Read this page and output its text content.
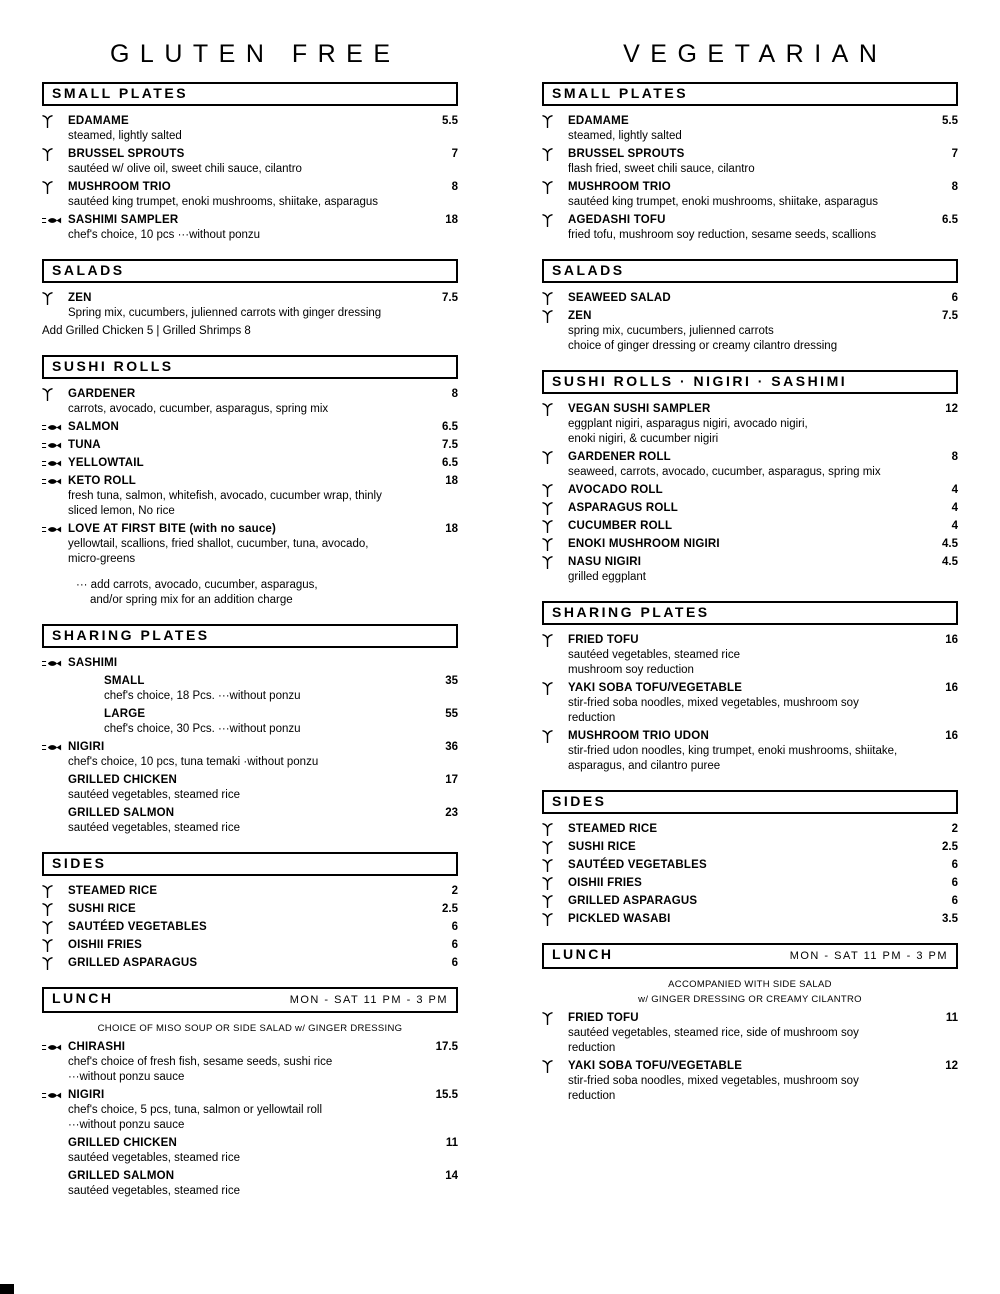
GLUTEN FREE
SMALL PLATES
EDAMAME	5.5
steamed, lightly salted
BRUSSEL SPROUTS	7
sautéed w/ olive oil, sweet chili sauce, cilantro
MUSHROOM TRIO	8
sautéed king trumpet, enoki mushrooms, shiitake, asparagus
SASHIMI SAMPLER	18
chef's choice, 10 pcs ···without ponzu
SALADS
ZEN	7.5
Spring mix, cucumbers, julienned carrots with ginger dressing
Add Grilled Chicken 5 | Grilled Shrimps 8
SUSHI ROLLS
GARDENER	8
carrots, avocado, cucumber, asparagus, spring mix
SALMON	6.5
TUNA	7.5
YELLOWTAIL	6.5
KETO ROLL	18
fresh tuna, salmon, whitefish, avocado, cucumber wrap, thinly
sliced lemon, No rice
LOVE AT FIRST BITE (with no sauce)	18
yellowtail, scallions, fried shallot, cucumber, tuna, avocado,
micro-greens
··· add carrots, avocado, cucumber, asparagus,
and/or spring mix for an addition charge
SHARING PLATES
SASHIMI
SMALL	35
chef's choice, 18 Pcs. ···without ponzu
LARGE	55
chef's choice, 30 Pcs. ···without ponzu
NIGIRI	36
chef's choice, 10 pcs, tuna temaki ·without ponzu
GRILLED CHICKEN	17
sautéed vegetables, steamed rice
GRILLED SALMON	23
sautéed vegetables, steamed rice
SIDES
STEAMED RICE	2
SUSHI RICE	2.5
SAUTÉED VEGETABLES	6
OISHII FRIES	6
GRILLED ASPARAGUS	6
LUNCH	MON - SAT 11 PM - 3 PM
CHOICE OF MISO SOUP OR SIDE SALAD w/ GINGER DRESSING
CHIRASHI	17.5
chef's choice of fresh fish, sesame seeds, sushi rice
···without ponzu sauce
NIGIRI	15.5
chef's choice, 5 pcs, tuna, salmon or yellowtail roll
···without ponzu sauce
GRILLED CHICKEN	11
sautéed vegetables, steamed rice
GRILLED SALMON	14
sautéed vegetables, steamed rice
VEGETARIAN
SMALL PLATES
EDAMAME	5.5
steamed, lightly salted
BRUSSEL SPROUTS	7
flash fried, sweet chili sauce, cilantro
MUSHROOM TRIO	8
sautéed king trumpet, enoki mushrooms, shiitake, asparagus
AGEDASHI TOFU	6.5
fried tofu, mushroom soy reduction, sesame seeds, scallions
SALADS
SEAWEED SALAD	6
ZEN	7.5
spring mix, cucumbers, julienned carrots
choice of ginger dressing or creamy cilantro dressing
SUSHI ROLLS · NIGIRI · SASHIMI
VEGAN SUSHI SAMPLER	12
eggplant nigiri, asparagus nigiri, avocado nigiri,
enoki nigiri, & cucumber nigiri
GARDENER ROLL	8
seaweed, carrots, avocado, cucumber, asparagus, spring mix
AVOCADO ROLL	4
ASPARAGUS ROLL	4
CUCUMBER ROLL	4
ENOKI MUSHROOM NIGIRI	4.5
NASU NIGIRI	4.5
grilled eggplant
SHARING PLATES
FRIED TOFU	16
sautéed vegetables, steamed rice
mushroom soy reduction
YAKI SOBA TOFU/VEGETABLE	16
stir-fried soba noodles, mixed vegetables, mushroom soy
reduction
MUSHROOM TRIO UDON	16
stir-fried udon noodles, king trumpet, enoki mushrooms, shiitake,
asparagus, and cilantro puree
SIDES
STEAMED RICE	2
SUSHI RICE	2.5
SAUTÉED VEGETABLES	6
OISHII FRIES	6
GRILLED ASPARAGUS	6
PICKLED WASABI	3.5
LUNCH	MON - SAT 11 PM - 3 PM
ACCOMPANIED WITH SIDE SALAD
w/ GINGER DRESSING OR CREAMY CILANTRO
FRIED TOFU	11
sautéed vegetables, steamed rice, side of mushroom soy
reduction
YAKI SOBA TOFU/VEGETABLE	12
stir-fried soba noodles, mixed vegetables, mushroom soy
reduction
